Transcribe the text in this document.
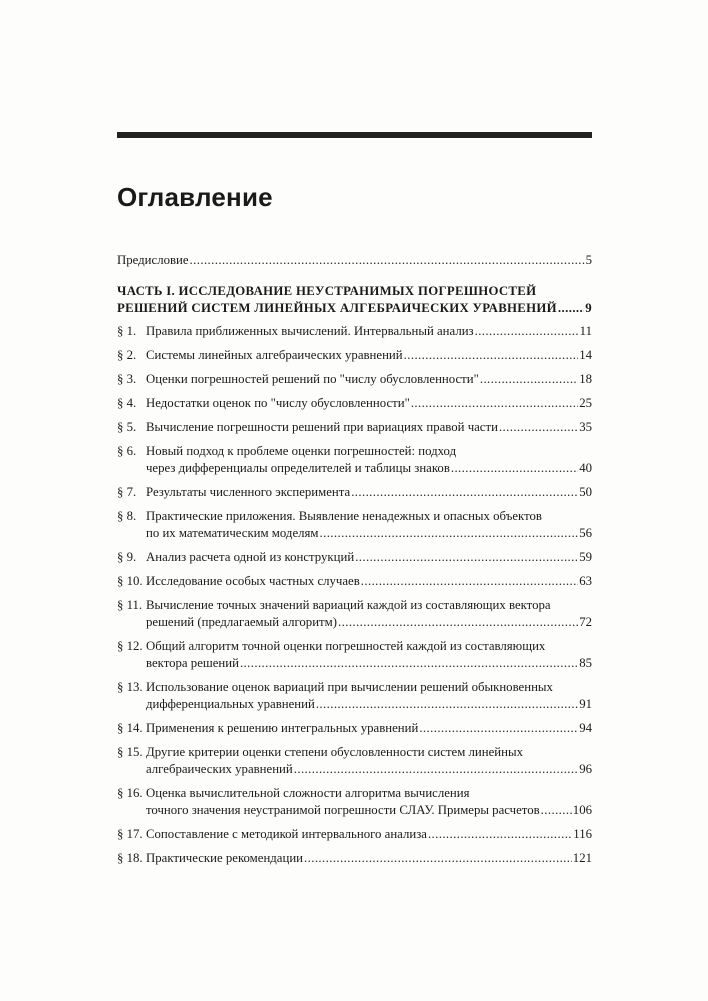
Оглавление
Предисловие .....	5
ЧАСТЬ I. ИССЛЕДОВАНИЕ НЕУСТРАНИМЫХ ПОГРЕШНОСТЕЙ
РЕШЕНИЙ СИСТЕМ ЛИНЕЙНЫХ АЛГЕБРАИЧЕСКИХ УРАВНЕНИЙ ..... 9
§ 1. Правила приближенных вычислений. Интервальный анализ .....	11
§ 2. Системы линейных алгебраических уравнений .....	14
§ 3. Оценки погрешностей решений по "числу обусловленности" .....	18
§ 4. Недостатки оценок по "числу обусловленности" .....	25
§ 5. Вычисление погрешности решений при вариациях правой части .....	35
§ 6. Новый подход к проблеме оценки погрешностей: подход
через дифференциалы определителей и таблицы знаков .....	40
§ 7. Результаты численного эксперимента .....	50
§ 8. Практические приложения. Выявление ненадежных и опасных объектов
по их математическим моделям .....	56
§ 9. Анализ расчета одной из конструкций .....	59
§ 10. Исследование особых частных случаев .....	63
§ 11. Вычисление точных значений вариаций каждой из составляющих вектора
решений (предлагаемый алгоритм) .....	72
§ 12. Общий алгоритм точной оценки погрешностей каждой из составляющих
вектора решений .....	85
§ 13. Использование оценок вариаций при вычислении решений обыкновенных
дифференциальных уравнений .....	91
§ 14. Применения к решению интегральных уравнений .....	94
§ 15. Другие критерии оценки степени обусловленности систем линейных
алгебраических уравнений .....	96
§ 16. Оценка вычислительной сложности алгоритма вычисления
точного значения неустранимой погрешности СЛАУ. Примеры расчетов .....	106
§ 17. Сопоставление с методикой интервального анализа .....	116
§ 18. Практические рекомендации .....	121
